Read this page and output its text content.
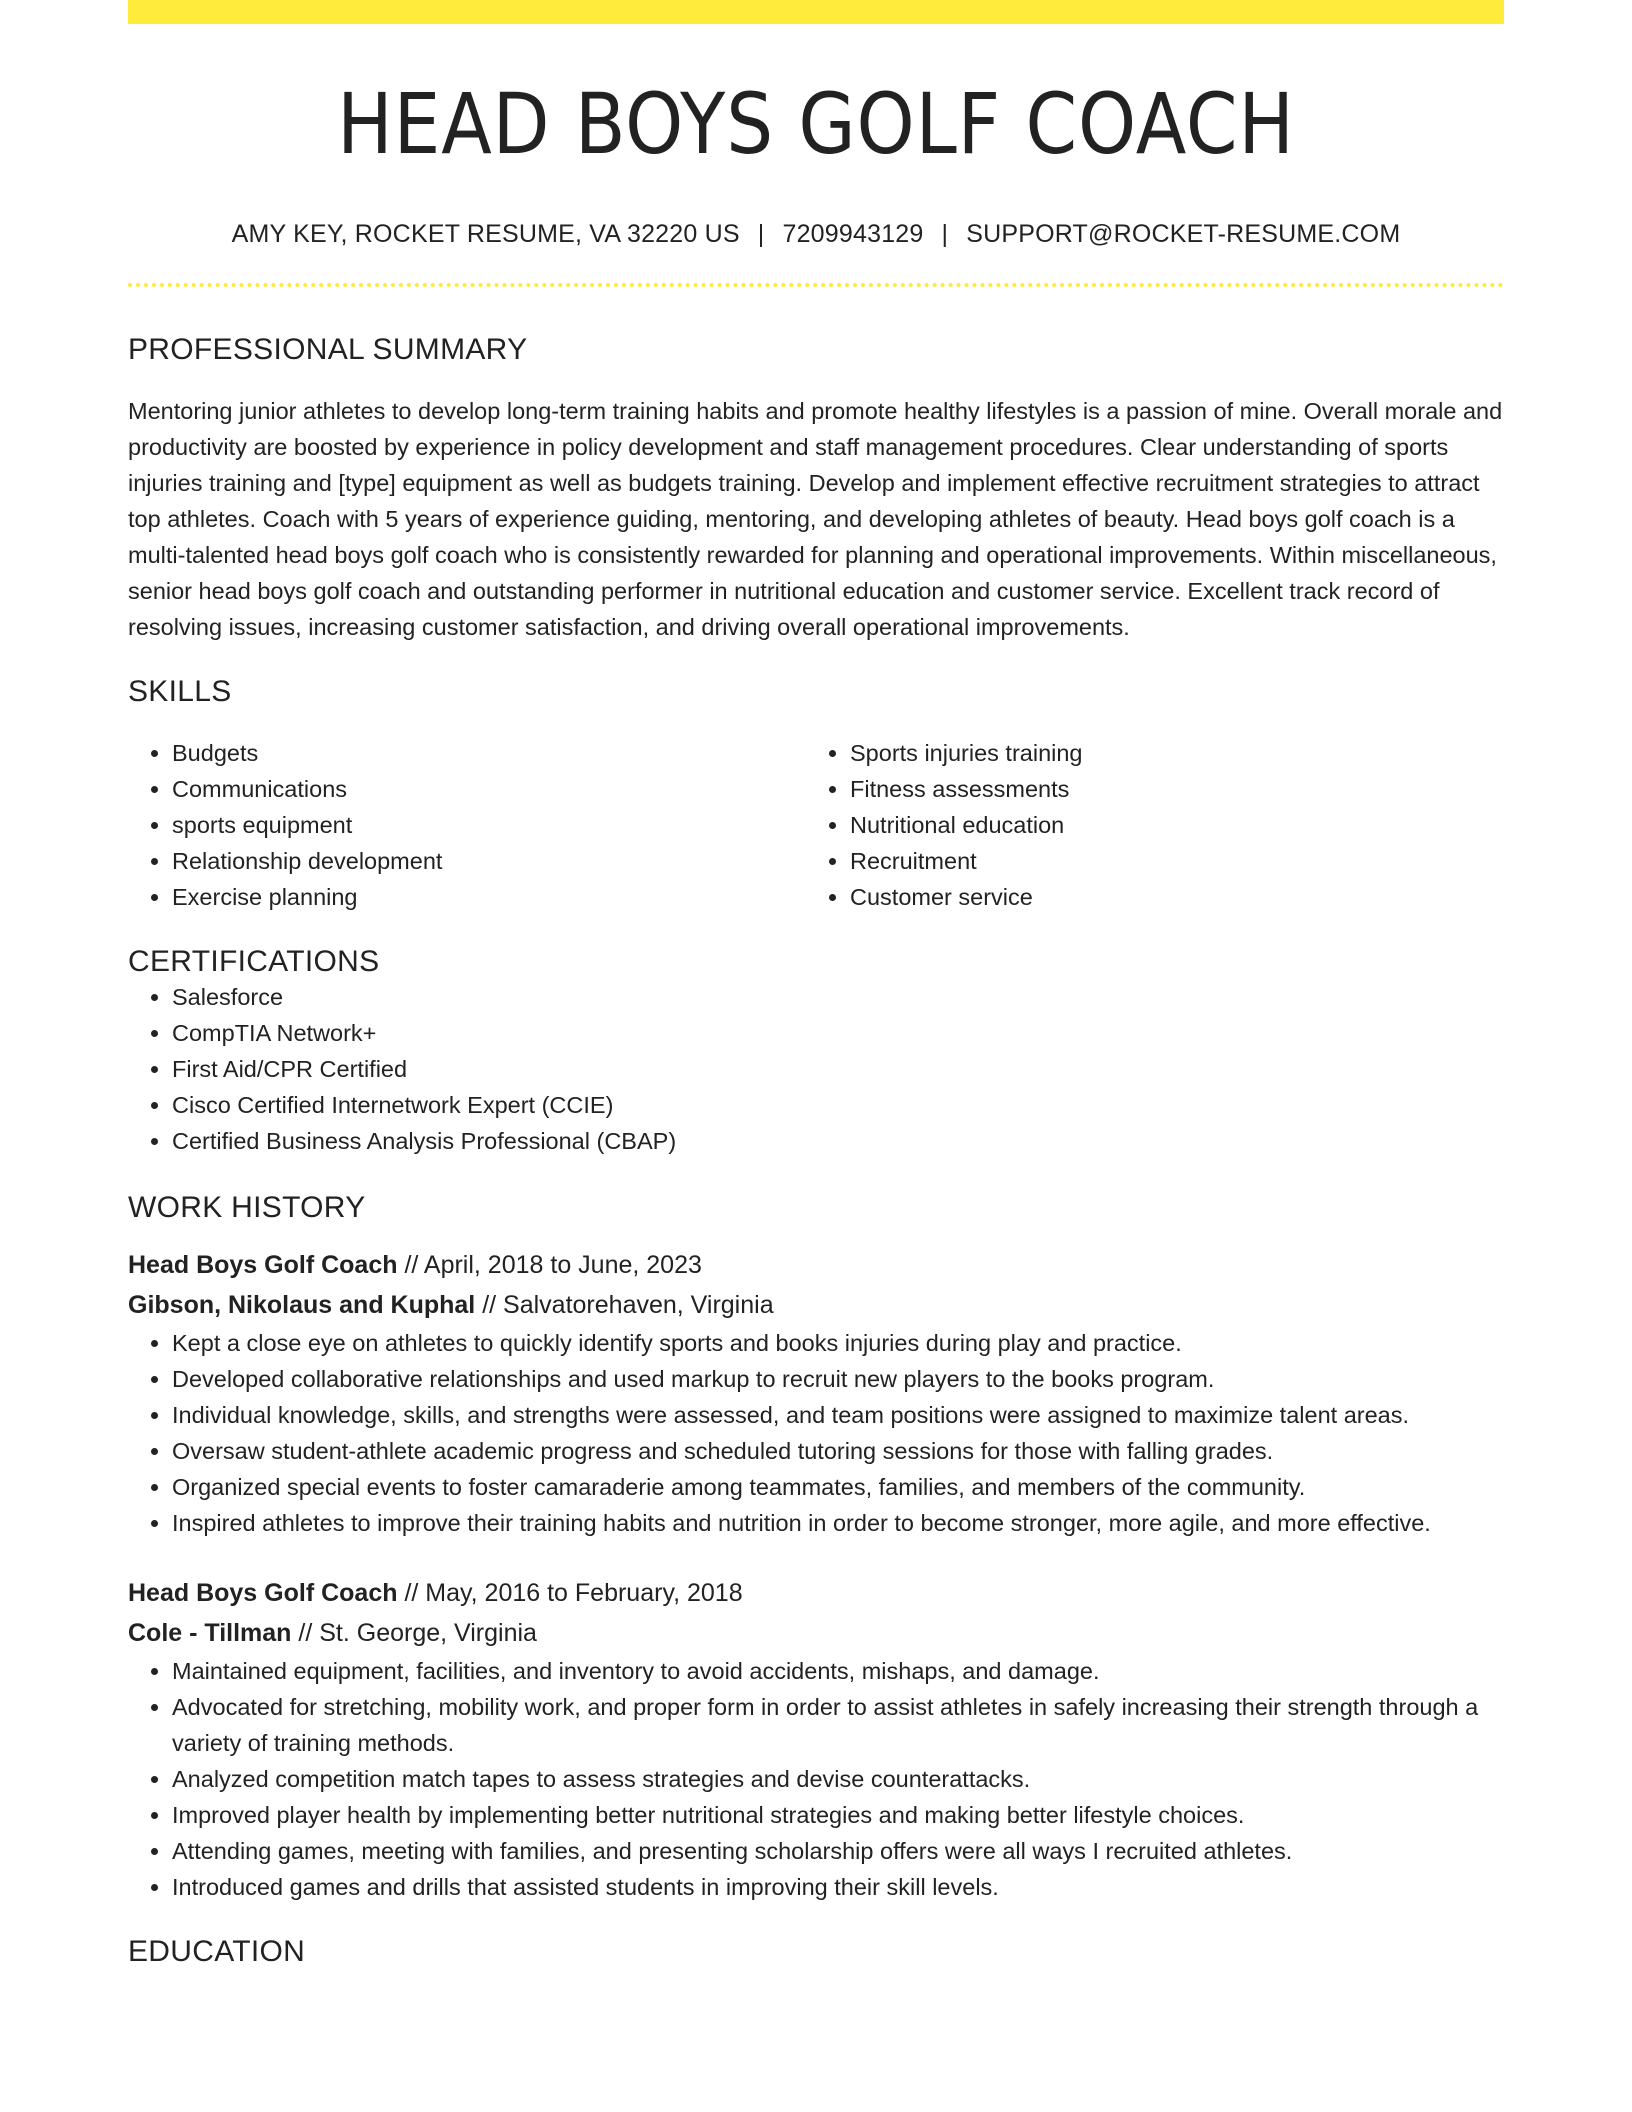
HEAD BOYS GOLF COACH
AMY KEY, ROCKET RESUME, VA 32220 US | 7209943129 | SUPPORT@ROCKET-RESUME.COM
PROFESSIONAL SUMMARY
Mentoring junior athletes to develop long-term training habits and promote healthy lifestyles is a passion of mine. Overall morale and productivity are boosted by experience in policy development and staff management procedures. Clear understanding of sports injuries training and [type] equipment as well as budgets training. Develop and implement effective recruitment strategies to attract top athletes. Coach with 5 years of experience guiding, mentoring, and developing athletes of beauty. Head boys golf coach is a multi-talented head boys golf coach who is consistently rewarded for planning and operational improvements. Within miscellaneous, senior head boys golf coach and outstanding performer in nutritional education and customer service. Excellent track record of resolving issues, increasing customer satisfaction, and driving overall operational improvements.
SKILLS
• Budgets
• Communications
• sports equipment
• Relationship development
• Exercise planning
• Sports injuries training
• Fitness assessments
• Nutritional education
• Recruitment
• Customer service
CERTIFICATIONS
• Salesforce
• CompTIA Network+
• First Aid/CPR Certified
• Cisco Certified Internetwork Expert (CCIE)
• Certified Business Analysis Professional (CBAP)
WORK HISTORY
Head Boys Golf Coach // April, 2018 to June, 2023
Gibson, Nikolaus and Kuphal // Salvatorehaven, Virginia
• Kept a close eye on athletes to quickly identify sports and books injuries during play and practice.
• Developed collaborative relationships and used markup to recruit new players to the books program.
• Individual knowledge, skills, and strengths were assessed, and team positions were assigned to maximize talent areas.
• Oversaw student-athlete academic progress and scheduled tutoring sessions for those with falling grades.
• Organized special events to foster camaraderie among teammates, families, and members of the community.
• Inspired athletes to improve their training habits and nutrition in order to become stronger, more agile, and more effective.
Head Boys Golf Coach // May, 2016 to February, 2018
Cole - Tillman // St. George, Virginia
• Maintained equipment, facilities, and inventory to avoid accidents, mishaps, and damage.
• Advocated for stretching, mobility work, and proper form in order to assist athletes in safely increasing their strength through a variety of training methods.
• Analyzed competition match tapes to assess strategies and devise counterattacks.
• Improved player health by implementing better nutritional strategies and making better lifestyle choices.
• Attending games, meeting with families, and presenting scholarship offers were all ways I recruited athletes.
• Introduced games and drills that assisted students in improving their skill levels.
EDUCATION
